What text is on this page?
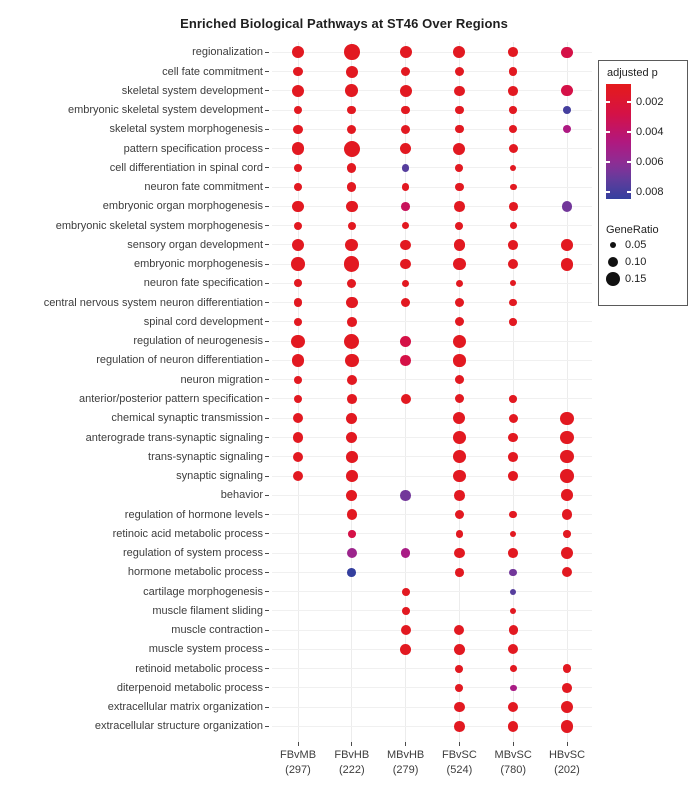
Enriched Biological Pathways at ST46 Over Regions
regionalization
cell fate commitment
skeletal system development
embryonic skeletal system development
skeletal system morphogenesis
pattern specification process
cell differentiation in spinal cord
neuron fate commitment
embryonic organ morphogenesis
embryonic skeletal system morphogenesis
sensory organ development
embryonic morphogenesis
neuron fate specification
central nervous system neuron differentiation
spinal cord development
regulation of neurogenesis
regulation of neuron differentiation
neuron migration
anterior/posterior pattern specification
chemical synaptic transmission
anterograde trans-synaptic signaling
trans-synaptic signaling
synaptic signaling
behavior
regulation of hormone levels
retinoic acid metabolic process
regulation of system process
hormone metabolic process
cartilage morphogenesis
muscle filament sliding
muscle contraction
muscle system process
retinoid metabolic process
diterpenoid metabolic process
extracellular matrix organization
extracellular structure organization
FBvMB
(297)
FBvHB
(222)
MBvHB
(279)
FBvSC
(524)
MBvSC
(780)
HBvSC
(202)
adjusted p
0.002
0.004
0.006
0.008
GeneRatio
0.05
0.10
0.15
